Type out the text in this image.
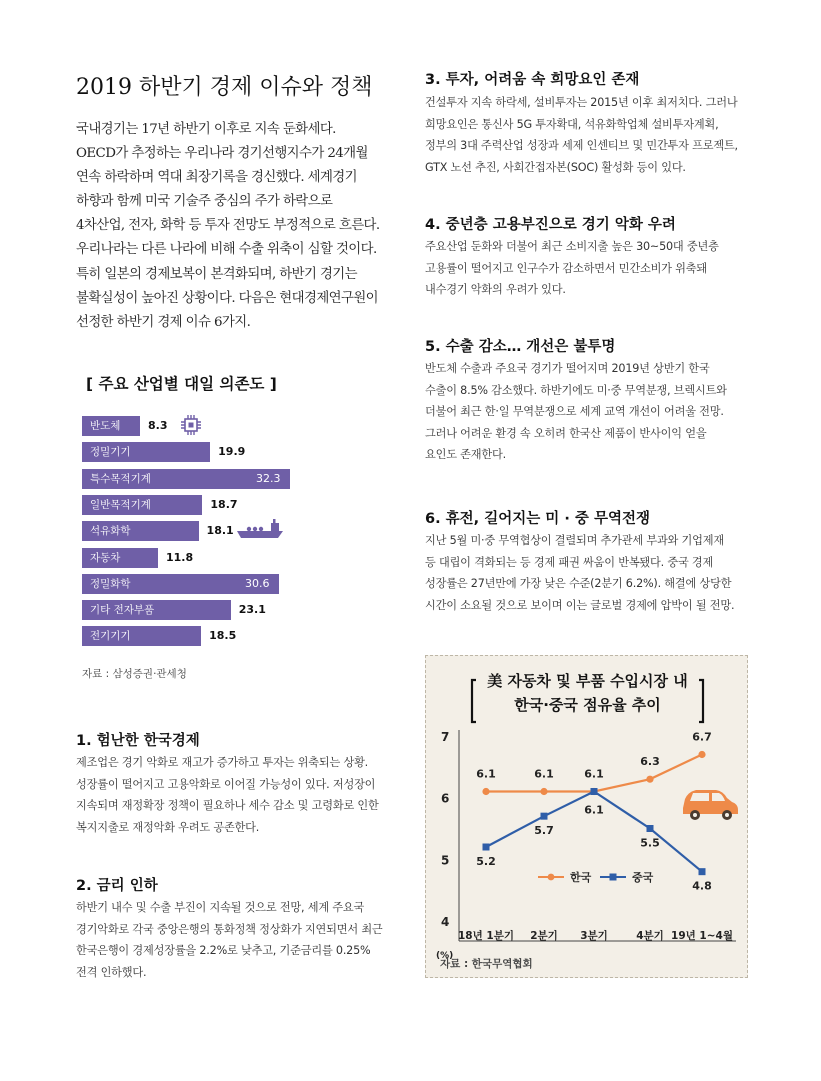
2019 하반기 경제 이슈와 정책
국내경기는 17년 하반기 이후로 지속 둔화세다.
OECD가 추정하는 우리나라 경기선행지수가 24개월
연속 하락하며 역대 최장기록을 경신했다. 세계경기
하향과 함께 미국 기술주 중심의 주가 하락으로
4차산업, 전자, 화학 등 투자 전망도 부정적으로 흐른다.
우리나라는 다른 나라에 비해 수출 위축이 심할 것이다.
특히 일본의 경제보복이 본격화되며, 하반기 경기는
불확실성이 높아진 상황이다. 다음은 현대경제연구원이
선정한 하반기 경제 이슈 6가지.
[ 주요 산업별 대일 의존도 ]
반도체	8.3
정밀기기	19.9
특수목적기계	32.3
일반목적기계	18.7
석유화학	18.1
자동차	11.8
정밀화학	30.6
기타 전자부품	23.1
전기기기	18.5
자료 : 삼성증권·관세청
1. 험난한 한국경제
제조업은 경기 악화로 재고가 증가하고 투자는 위축되는 상황.
성장률이 떨어지고 고용악화로 이어질 가능성이 있다. 저성장이
지속되며 재정확장 정책이 필요하나 세수 감소 및 고령화로 인한
복지지출로 재정악화 우려도 공존한다.
2. 금리 인하
하반기 내수 및 수출 부진이 지속될 것으로 전망, 세계 주요국
경기악화로 각국 중앙은행의 통화정책 정상화가 지연되면서 최근
한국은행이 경제성장률을 2.2%로 낮추고, 기준금리를 0.25%
전격 인하했다.
3. 투자, 어려움 속 희망요인 존재
건설투자 지속 하락세, 설비투자는 2015년 이후 최저치다. 그러나
희망요인은 통신사 5G 투자확대, 석유화학업체 설비투자계획,
정부의 3대 주력산업 성장과 세제 인센티브 및 민간투자 프로젝트,
GTX 노선 추진, 사회간접자본(SOC) 활성화 등이 있다.
4. 중년층 고용부진으로 경기 악화 우려
주요산업 둔화와 더불어 최근 소비지출 높은 30~50대 중년층
고용률이 떨어지고 인구수가 감소하면서 민간소비가 위축돼
내수경기 악화의 우려가 있다.
5. 수출 감소… 개선은 불투명
반도체 수출과 주요국 경기가 떨어지며 2019년 상반기 한국
수출이 8.5% 감소했다. 하반기에도 미·중 무역분쟁, 브렉시트와
더불어 최근 한·일 무역분쟁으로 세계 교역 개선이 어려울 전망.
그러나 어려운 환경 속 오히려 한국산 제품이 반사이익 얻을
요인도 존재한다.
6. 휴전, 길어지는 미 · 중 무역전쟁
지난 5월 미·중 무역협상이 결렬되며 추가관세 부과와 기업제재
등 대립이 격화되는 등 경제 패권 싸움이 반복됐다. 중국 경제
성장률은 27년만에 가장 낮은 수준(2분기 6.2%). 해결에 상당한
시간이 소요될 것으로 보이며 이는 글로벌 경제에 압박이 될 전망.
美 자동차 및 부품 수입시장 내
한국·중국 점유율 추이
7
6
5
4
(%)
18년 1분기 2분기 3분기	4분기 19년 1~4월
6.1	6.1	6.1
6.3
6.7
5.2
5.7
6.1
5.5
4.8
한국	중국
자료 : 한국무역협회
